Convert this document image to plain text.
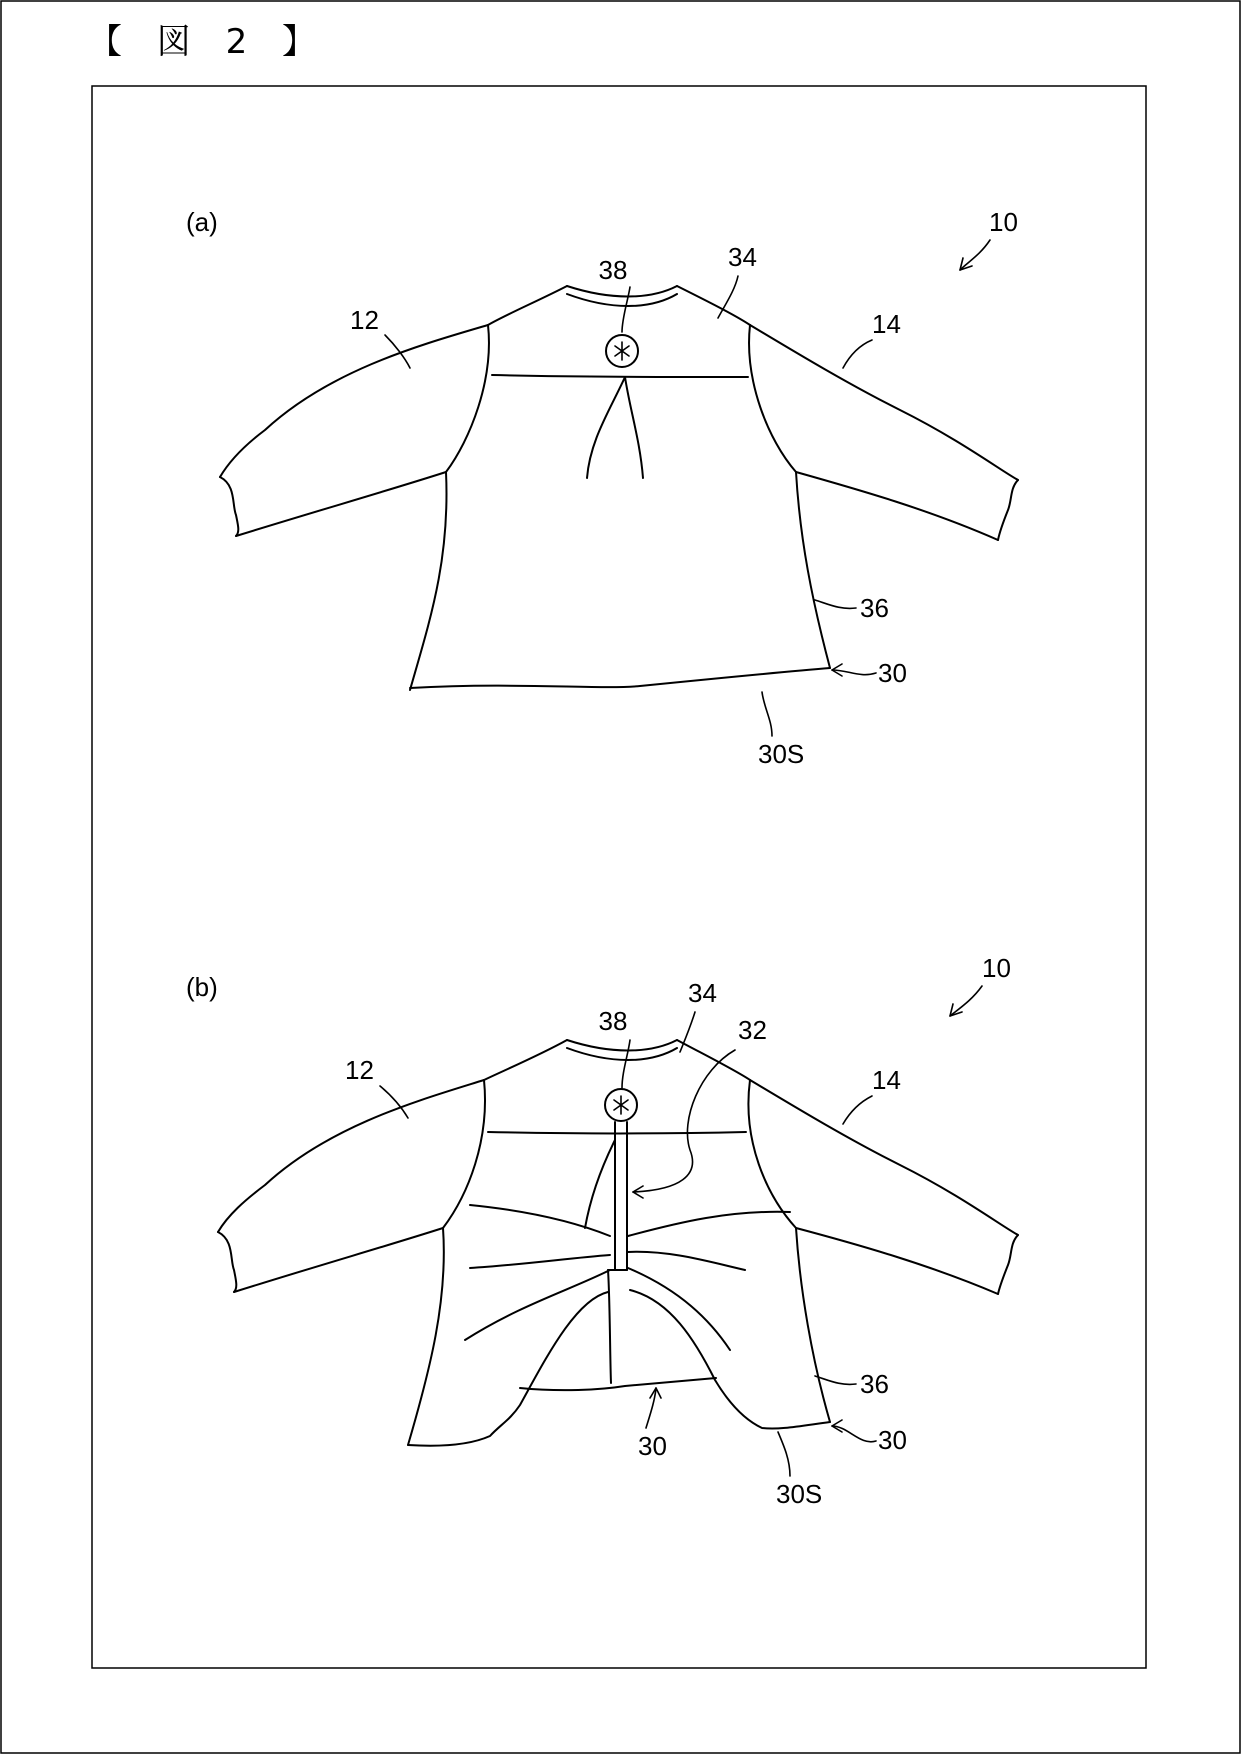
【 図 2 】
(a)	10
38	34
12	14
36
30
30S
(b)
10
34
38	32
12	14
36
30
30
30S
